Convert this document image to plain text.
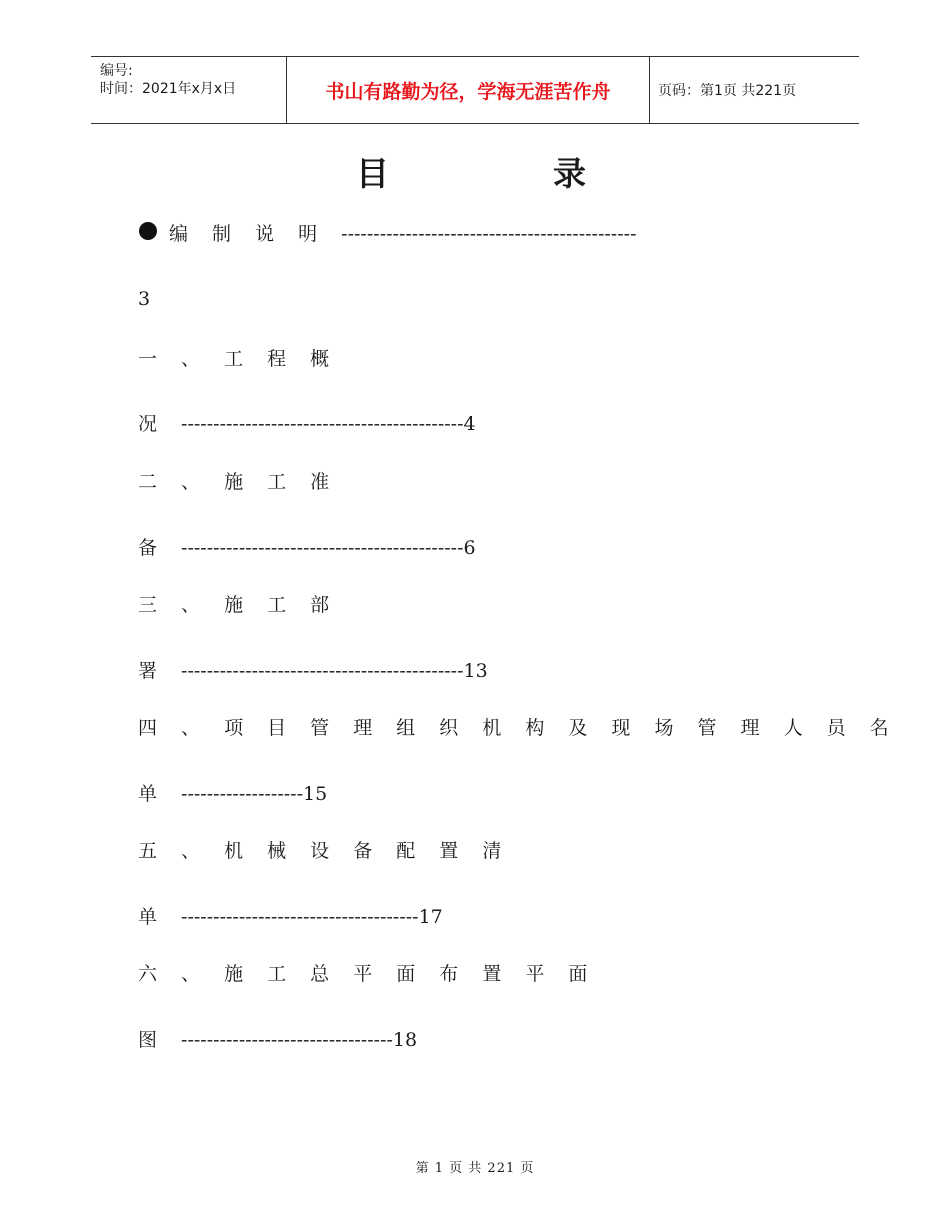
编号:
时间：2021年x月x日	书山有路勤为径，学海无涯苦作舟	页码：第1页 共221页
目	录
编 制 说 明 ----------------------------------------------
3
一 、 工 程 概
况 --------------------------------------------4
二 、 施 工 准
备 --------------------------------------------6
三 、 施 工 部
署 --------------------------------------------13
四 、 项 目 管 理 组 织 机 构 及 现 场 管 理 人 员 名
单 -------------------15
五 、 机 械 设 备 配 置 清
单 -------------------------------------17
六 、 施 工 总 平 面 布 置 平 面
图 ---------------------------------18
第 1 页 共 221 页
